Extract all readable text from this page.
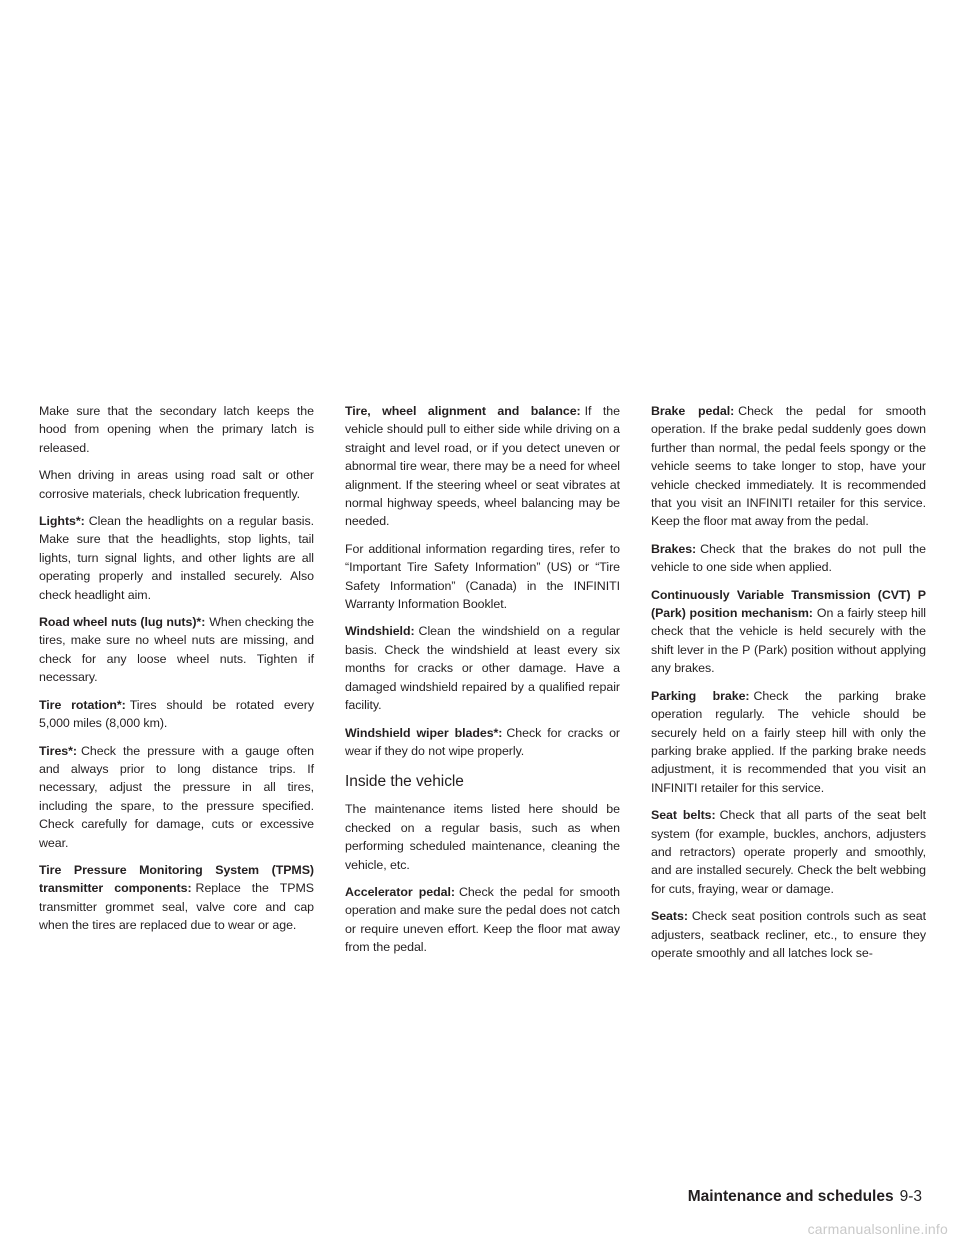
Make sure that the secondary latch keeps the hood from opening when the primary latch is released.

When driving in areas using road salt or other corrosive materials, check lubrication frequently.

Lights*: Clean the headlights on a regular basis. Make sure that the headlights, stop lights, tail lights, turn signal lights, and other lights are all operating properly and installed securely. Also check headlight aim.

Road wheel nuts (lug nuts)*: When checking the tires, make sure no wheel nuts are missing, and check for any loose wheel nuts. Tighten if necessary.

Tire rotation*: Tires should be rotated every 5,000 miles (8,000 km).

Tires*: Check the pressure with a gauge often and always prior to long distance trips. If necessary, adjust the pressure in all tires, including the spare, to the pressure specified. Check carefully for damage, cuts or excessive wear.

Tire Pressure Monitoring System (TPMS) transmitter components: Replace the TPMS transmitter grommet seal, valve core and cap when the tires are replaced due to wear or age.

Tire, wheel alignment and balance: If the vehicle should pull to either side while driving on a straight and level road, or if you detect uneven or abnormal tire wear, there may be a need for wheel alignment. If the steering wheel or seat vibrates at normal highway speeds, wheel balancing may be needed.

For additional information regarding tires, refer to “Important Tire Safety Information” (US) or “Tire Safety Information” (Canada) in the INFINITI Warranty Information Booklet.

Windshield: Clean the windshield on a regular basis. Check the windshield at least every six months for cracks or other damage. Have a damaged windshield repaired by a qualified repair facility.

Windshield wiper blades*: Check for cracks or wear if they do not wipe properly.

Inside the vehicle

The maintenance items listed here should be checked on a regular basis, such as when performing scheduled maintenance, cleaning the vehicle, etc.

Accelerator pedal: Check the pedal for smooth operation and make sure the pedal does not catch or require uneven effort. Keep the floor mat away from the pedal.

Brake pedal: Check the pedal for smooth operation. If the brake pedal suddenly goes down further than normal, the pedal feels spongy or the vehicle seems to take longer to stop, have your vehicle checked immediately. It is recommended that you visit an INFINITI retailer for this service. Keep the floor mat away from the pedal.

Brakes: Check that the brakes do not pull the vehicle to one side when applied.

Continuously Variable Transmission (CVT) P (Park) position mechanism: On a fairly steep hill check that the vehicle is held securely with the shift lever in the P (Park) position without applying any brakes.

Parking brake: Check the parking brake operation regularly. The vehicle should be securely held on a fairly steep hill with only the parking brake applied. If the parking brake needs adjustment, it is recommended that you visit an INFINITI retailer for this service.

Seat belts: Check that all parts of the seat belt system (for example, buckles, anchors, adjusters and retractors) operate properly and smoothly, and are installed securely. Check the belt webbing for cuts, fraying, wear or damage.

Seats: Check seat position controls such as seat adjusters, seatback recliner, etc., to ensure they operate smoothly and all latches lock se-

Maintenance and schedules 9-3
carmanualsonline.info
